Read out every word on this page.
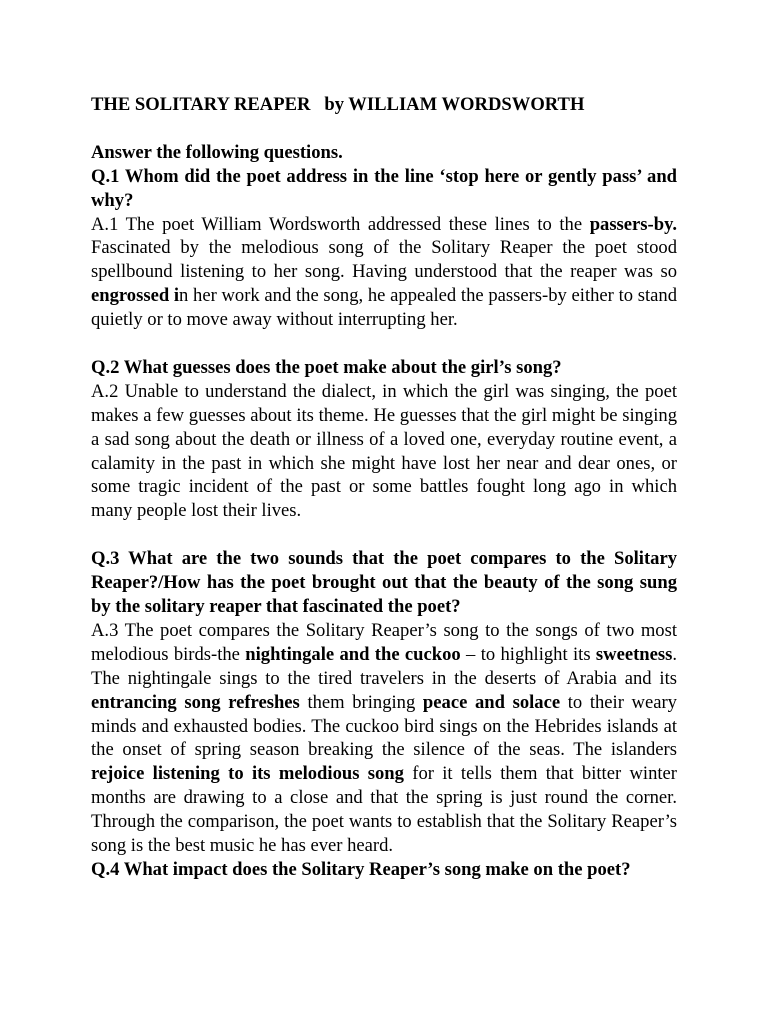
THE SOLITARY REAPER   by WILLIAM WORDSWORTH

Answer the following questions.

Q.1 Whom did the poet address in the line ‘stop here or gently pass’ and why?

A.1 The poet William Wordsworth addressed these lines to the passers-by. Fascinated by the melodious song of the Solitary Reaper the poet stood spellbound listening to her song. Having understood that the reaper was so engrossed in her work and the song, he appealed the passers-by either to stand quietly or to move away without interrupting her.

Q.2 What guesses does the poet make about the girl’s song?

A.2 Unable to understand the dialect, in which the girl was singing, the poet makes a few guesses about its theme. He guesses that the girl might be singing a sad song about the death or illness of a loved one, everyday routine event, a calamity in the past in which she might have lost her near and dear ones, or some tragic incident of the past or some battles fought long ago in which many people lost their lives.

Q.3 What are the two sounds that the poet compares to the Solitary Reaper?/How has the poet brought out that the beauty of the song sung by the solitary reaper that fascinated the poet?

A.3 The poet compares the Solitary Reaper’s song to the songs of two most melodious birds-the nightingale and the cuckoo – to highlight its sweetness. The nightingale sings to the tired travelers in the deserts of Arabia and its entrancing song refreshes them bringing peace and solace to their weary minds and exhausted bodies. The cuckoo bird sings on the Hebrides islands at the onset of spring season breaking the silence of the seas. The islanders rejoice listening to its melodious song for it tells them that bitter winter months are drawing to a close and that the spring is just round the corner. Through the comparison, the poet wants to establish that the Solitary Reaper’s song is the best music he has ever heard.

Q.4 What impact does the Solitary Reaper’s song make on the poet?
